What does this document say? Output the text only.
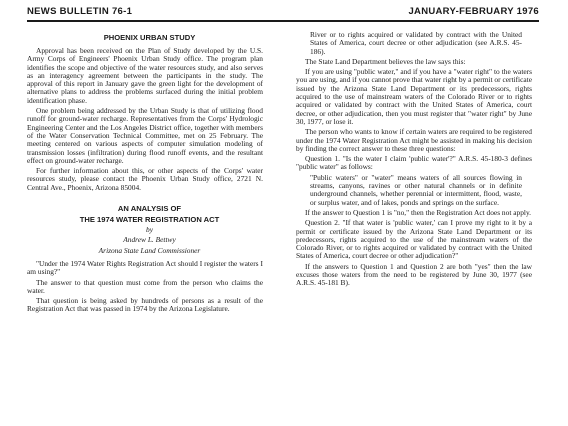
NEWS BULLETIN 76-1	JANUARY-FEBRUARY 1976

PHOENIX URBAN STUDY

Approval has been received on the Plan of Study developed by the U.S. Army Corps of Engineers' Phoenix Urban Study office. The program plan identifies the scope and objective of the water resources study, and also serves as an interagency agreement between the participants in the study. The approval of this report in January gave the green light for the development of alternative plans to address the problems surfaced during the initial problem identification phase.

One problem being addressed by the Urban Study is that of utilizing flood runoff for ground-water recharge. Representatives from the Corps' Hydrologic Engineering Center and the Los Angeles District office, together with members of the Water Conservation Technical Committee, met on 25 February. The meeting centered on various aspects of computer simulation modeling of transmission losses (infiltration) during flood runoff events, and the resultant effect on ground-water recharge.

For further information about this, or other aspects of the Corps' water resources study, please contact the Phoenix Urban Study office, 2721 N. Central Ave., Phoenix, Arizona 85004.

AN ANALYSIS OF

THE 1974 WATER REGISTRATION ACT

by

Andrew L. Bettwy

Arizona State Land Commissioner

"Under the 1974 Water Rights Registration Act should I register the waters I am using?"

The answer to that question must come from the person who claims the water.

That question is being asked by hundreds of persons as a result of the Registration Act that was passed in 1974 by the Arizona Legislature.

River or to rights acquired or validated by contract with the United States of America, court decree or other adjudication (see A.R.S. 45-186).

The State Land Department believes the law says this:

If you are using "public water," and if you have a "water right" to the waters you are using, and if you cannot prove that water right by a permit or certificate issued by the Arizona State Land Department or its predecessors, rights acquired to the use of mainstream waters of the Colorado River or to rights acquired or validated by contract with the United States of America, court decree, or other adjudication, then you must register that "water right" by June 30, 1977, or lose it.

The person who wants to know if certain waters are required to be registered under the 1974 Water Registration Act might be assisted in making his decision by finding the correct answer to these three questions:

Question 1. "Is the water I claim 'public water'?" A.R.S. 45-180-3 defines "public water" as follows:

"Public waters" or "water" means waters of all sources flowing in streams, canyons, ravines or other natural channels or in definite underground channels, whether perennial or intermittent, flood, waste, or surplus water, and of lakes, ponds and springs on the surface.

If the answer to Question 1 is "no," then the Registration Act does not apply.

Question 2. "If that water is 'public water,' can I prove my right to it by a permit or certificate issued by the Arizona State Land Department or its predecessors, rights acquired to the use of the mainstream waters of the Colorado River, or to rights acquired or validated by contract with the United States of America, court decree or other adjudication?"

If the answers to Question 1 and Question 2 are both "yes" then the law excuses those waters from the need to be registered by June 30, 1977 (see A.R.S. 45-181 B).
